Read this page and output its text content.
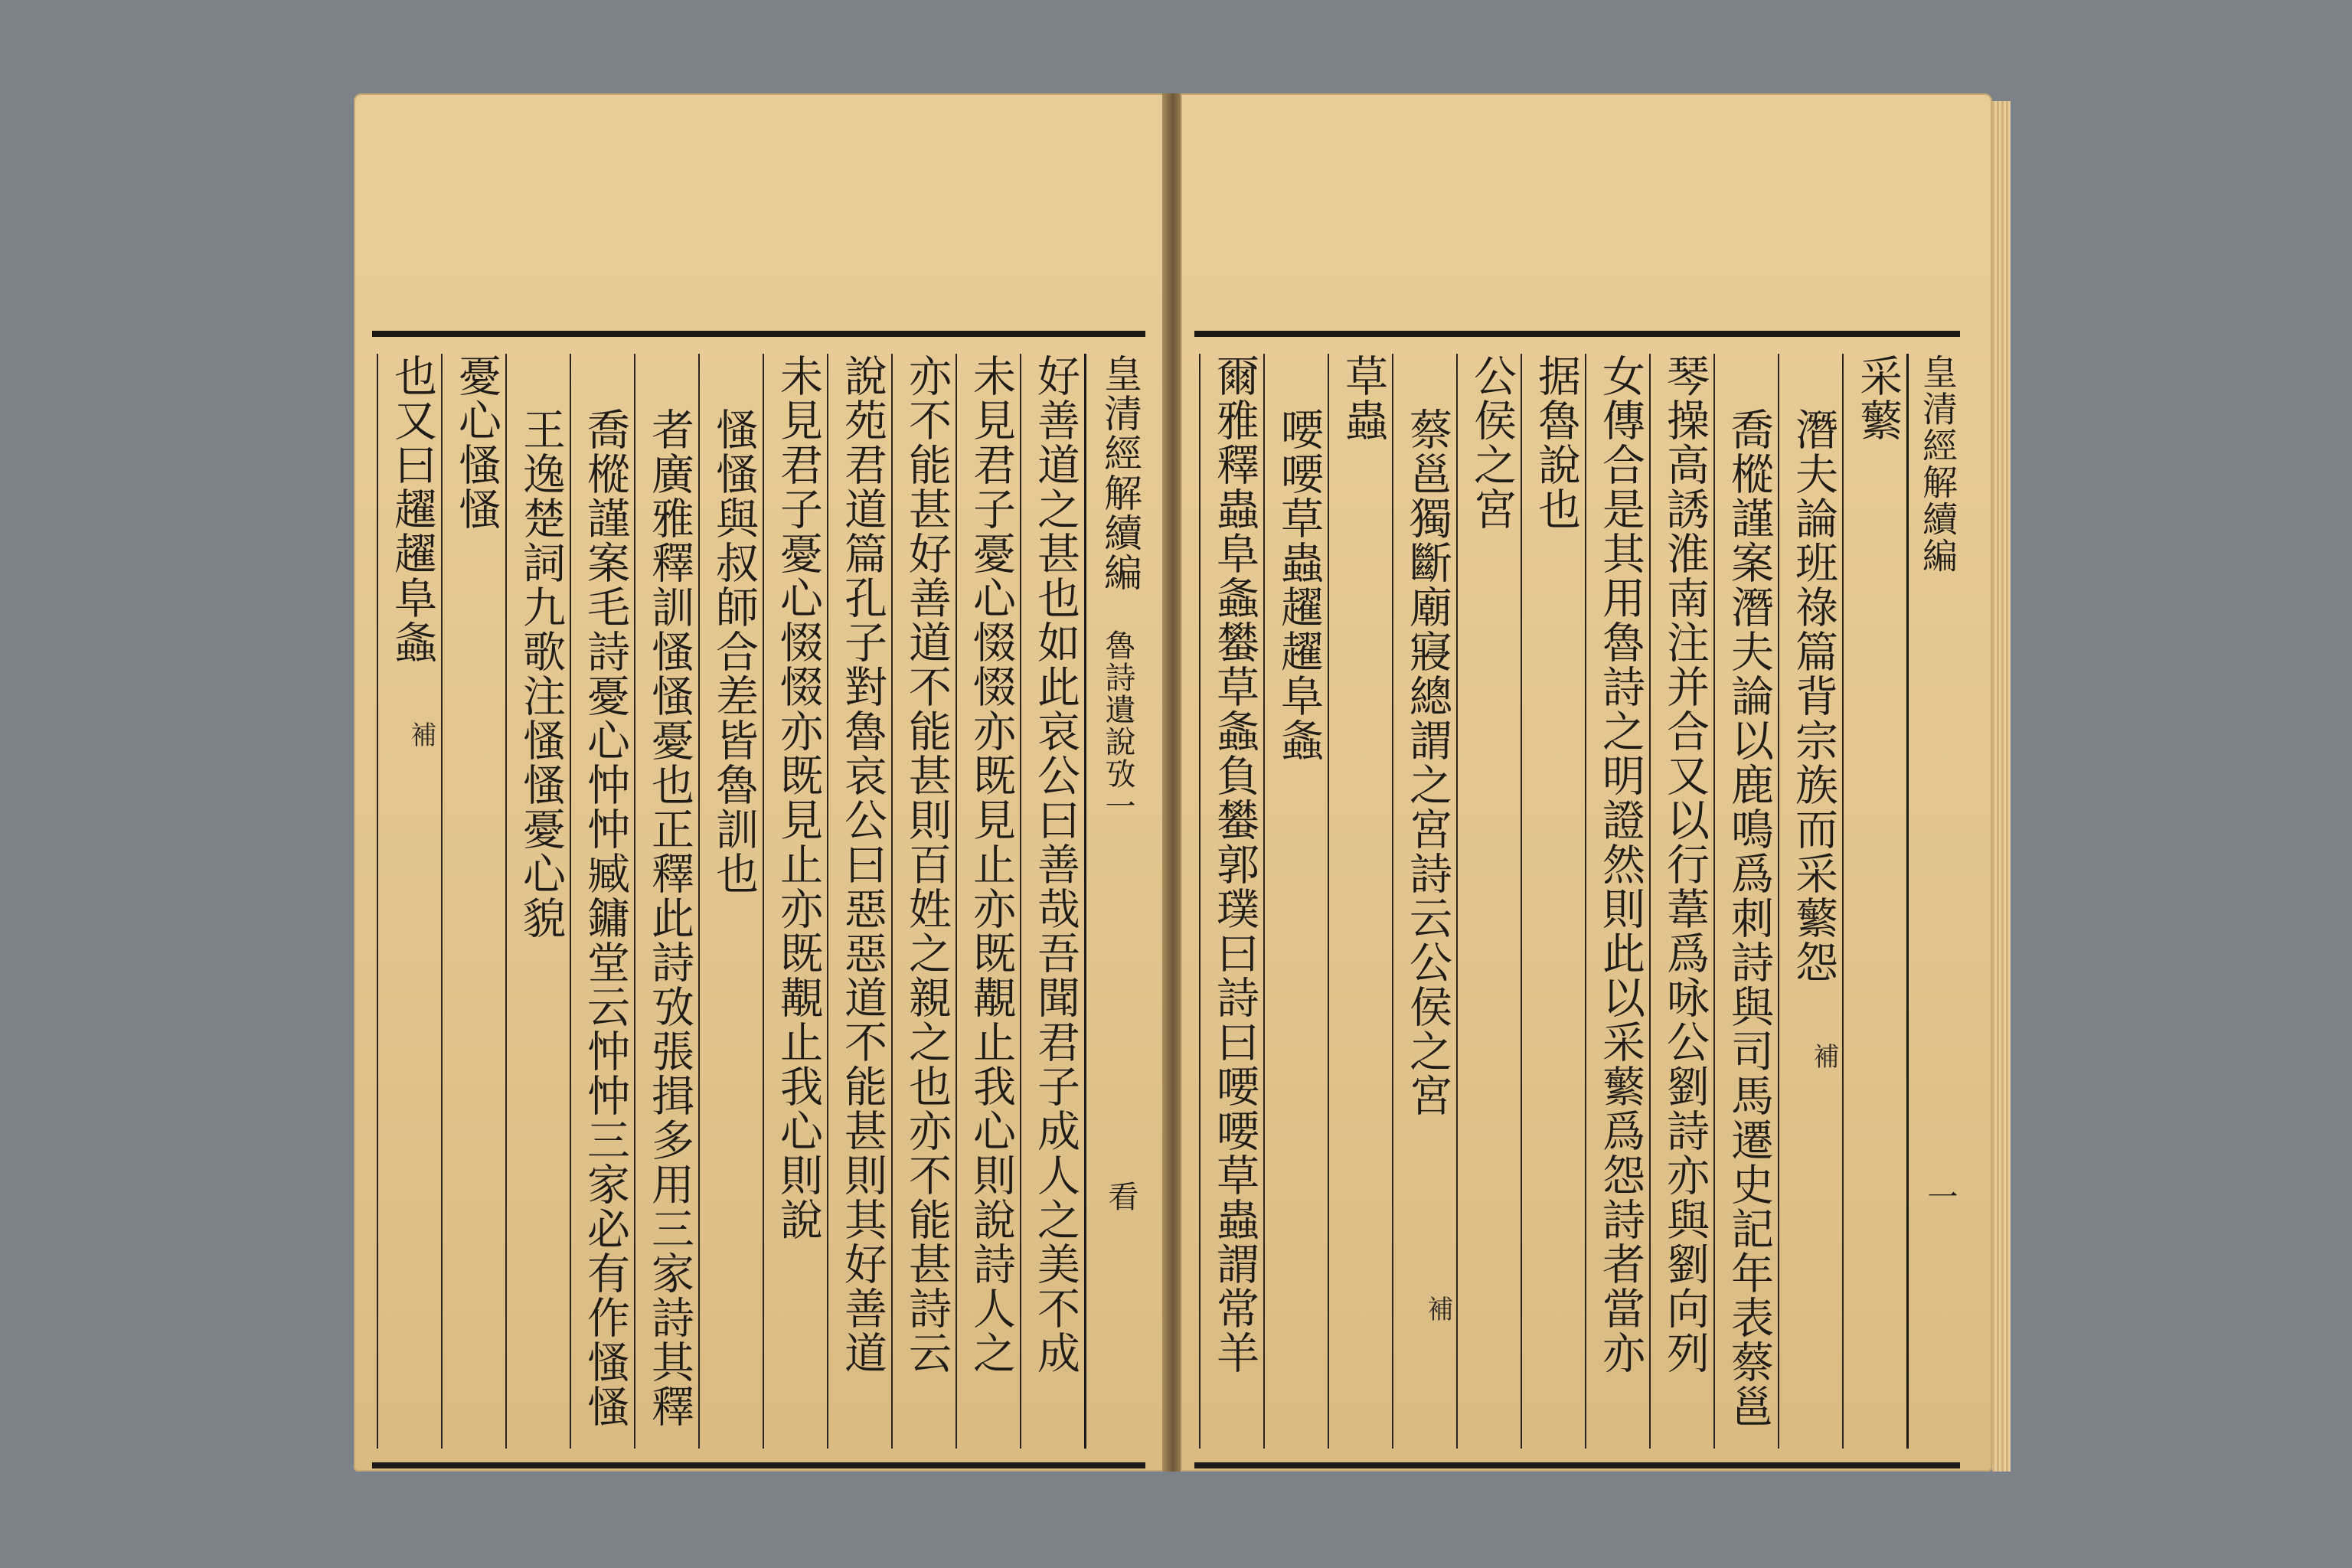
皇清經解續編
魯詩遺說攷一
看
好善道之甚也如此哀公曰善哉吾聞君子成人之美不成
未見君子憂心惙惙亦既見止亦既覯止我心則說詩人之
亦不能甚好善道不能甚則百姓之親之也亦不能甚詩云
說苑君道篇孔子對魯哀公曰惡惡道不能甚則其好善道
未見君子憂心惙惙亦既見止亦既覯止我心則說
慅慅與叔師合差皆魯訓也
者廣雅釋訓慅慅憂也正釋此詩攷張揖多用三家詩其釋
喬樅謹案毛詩憂心忡忡臧鏞堂云忡忡三家必有作慅慅
王逸楚詞九歌注慅慅憂心貌
憂心慅慅
也又曰趯趯阜螽
補
皇清經解續編
一
采蘩
潛夫論班祿篇背宗族而采蘩怨
補
喬樅謹案潛夫論以鹿鳴爲刺詩與司馬遷史記年表蔡邕
琴操高誘淮南注并合又以行葦爲咏公劉詩亦與劉向列
女傳合是其用魯詩之明證然則此以采蘩爲怨詩者當亦
据魯說也
公侯之宮
蔡邕獨斷廟寢總謂之宮詩云公侯之宮
補
草蟲
喓喓草蟲趯趯阜螽
爾雅釋蟲阜螽蠜草螽負蠜郭璞曰詩曰喓喓草蟲謂常羊
